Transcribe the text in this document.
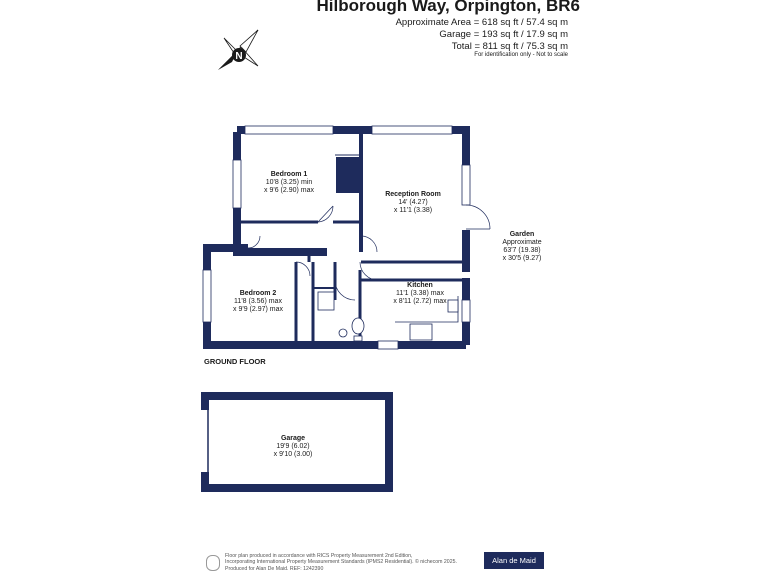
Hilborough Way, Orpington, BR6
Approximate Area = 618 sq ft / 57.4 sq m
Garage = 193 sq ft / 17.9 sq m
Total = 811 sq ft / 75.3 sq m
For identification only - Not to scale
N
Bedroom 1
10'8 (3.25) min
x 9'6 (2.90) max
Reception Room
14' (4.27)
x 11'1 (3.38)
Garden
Approximate
63'7 (19.38)
x 30'5 (9.27)
Bedroom 2
11'8 (3.56) max
x 9'9 (2.97) max
Kitchen
11'1 (3.38) max
x 8'11 (2.72) max
Garage
19'9 (6.02)
x 9'10 (3.00)
GROUND FLOOR
Floor plan produced in accordance with RICS Property Measurement 2nd Edition,
Incorporating International Property Measurement Standards (IPMS2 Residential). © nichecom 2025.
Produced for Alan De Maid. REF: 1242390
Alan de Maid
